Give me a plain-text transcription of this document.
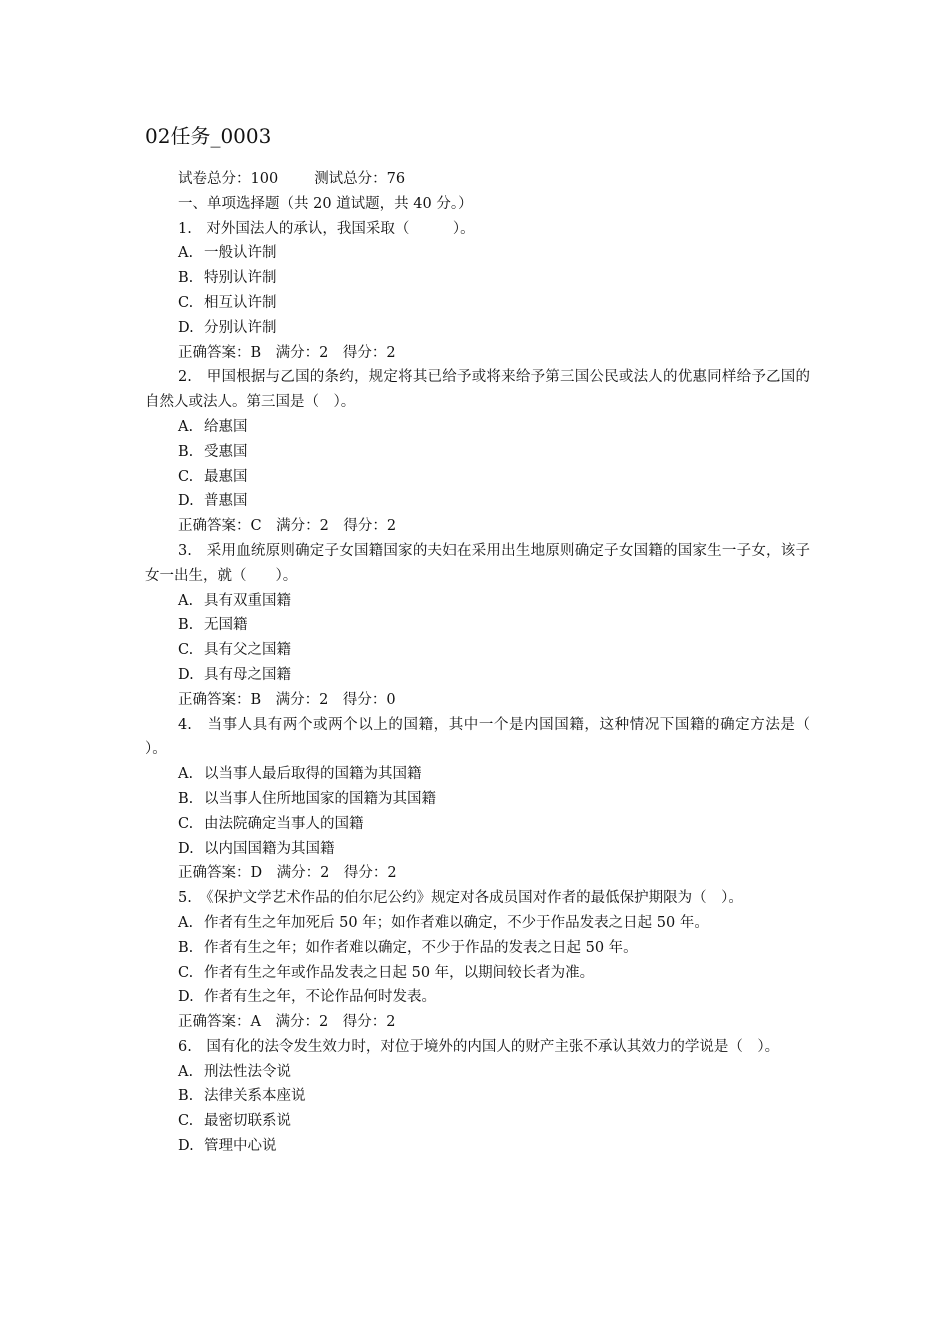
02任务_0003
试卷总分：100 测试总分：76
一、单项选择题（共 20 道试题，共 40 分。）
1.　对外国法人的承认，我国采取（　　　）。
A. 一般认许制
B. 特别认许制
C. 相互认许制
D. 分别认许制
正确答案：B　满分：2　得分：2
2.　甲国根据与乙国的条约，规定将其已给予或将来给予第三国公民或法人的优惠同样给予乙国的自然人或法人。第三国是（　）。
A. 给惠国
B. 受惠国
C. 最惠国
D. 普惠国
正确答案：C　满分：2　得分：2
3.　采用血统原则确定子女国籍国家的夫妇在采用出生地原则确定子女国籍的国家生一子女，该子女一出生，就（　　）。
A. 具有双重国籍
B. 无国籍
C. 具有父之国籍
D. 具有母之国籍
正确答案：B　满分：2　得分：0
4.　当事人具有两个或两个以上的国籍，其中一个是内国国籍，这种情况下国籍的确定方法是（　　　）。
A. 以当事人最后取得的国籍为其国籍
B. 以当事人住所地国家的国籍为其国籍
C. 由法院确定当事人的国籍
D. 以内国国籍为其国籍
正确答案：D　满分：2　得分：2
5.　《保护文学艺术作品的伯尔尼公约》规定对各成员国对作者的最低保护期限为（　）。
A. 作者有生之年加死后 50 年；如作者难以确定，不少于作品发表之日起 50 年。
B. 作者有生之年；如作者难以确定，不少于作品的发表之日起 50 年。
C. 作者有生之年或作品发表之日起 50 年，以期间较长者为准。
D. 作者有生之年，不论作品何时发表。
正确答案：A　满分：2　得分：2
6.　国有化的法令发生效力时，对位于境外的内国人的财产主张不承认其效力的学说是（　）。
A. 刑法性法令说
B. 法律关系本座说
C. 最密切联系说
D. 管理中心说
